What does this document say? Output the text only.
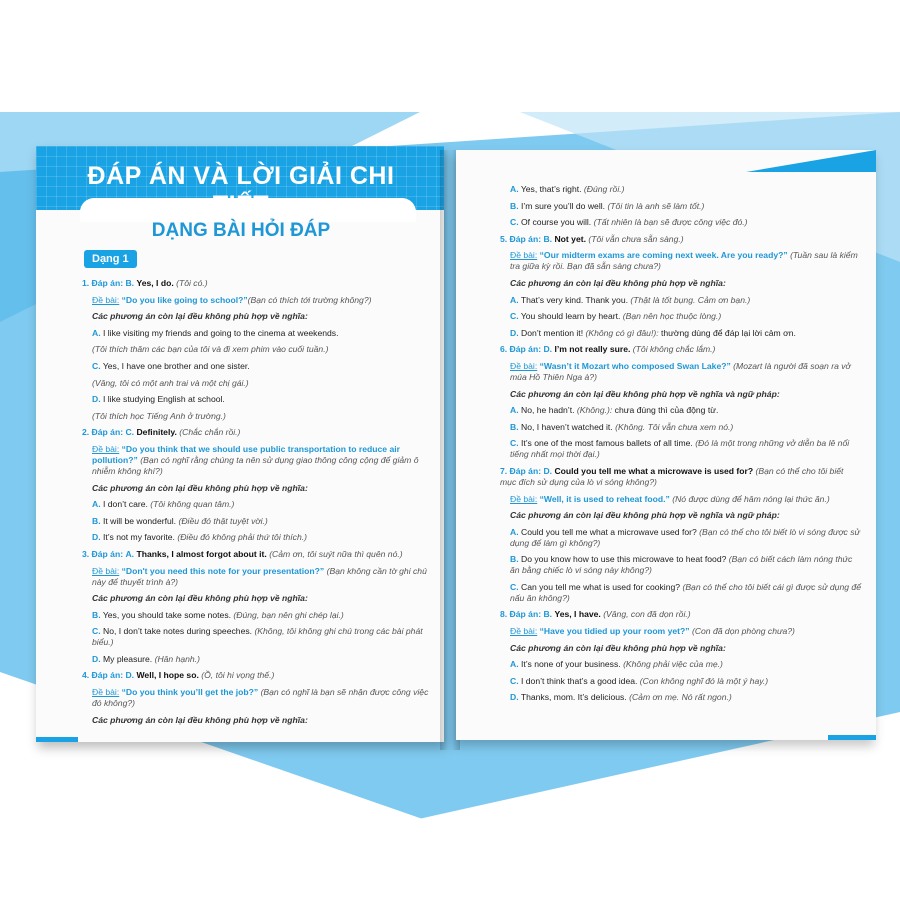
ĐÁP ÁN VÀ LỜI GIẢI CHI
DẠNG BÀI HỎI ĐÁP
Dạng 1
1. Đáp án: B. Yes, I do. (Tôi có.)
Đề bài: “Do you like going to school?”(Bạn có thích tới trường không?)
Các phương án còn lại đều không phù hợp về nghĩa:
A. I like visiting my friends and going to the cinema at weekends.
(Tôi thích thăm các bạn của tôi và đi xem phim vào cuối tuần.)
C. Yes, I have one brother and one sister.
(Vâng, tôi có một anh trai và một chị gái.)
D. I like studying English at school.
(Tôi thích học Tiếng Anh ở trường.)
2. Đáp án: C. Definitely. (Chắc chắn rồi.)
Đề bài: “Do you think that we should use public transportation to reduce air pollution?” (Bạn có nghĩ rằng chúng ta nên sử dụng giao thông công cộng để giảm ô nhiễm không khí?)
Các phương án còn lại đều không phù hợp về nghĩa:
A. I don’t care. (Tôi không quan tâm.)
B. It will be wonderful. (Điều đó thật tuyệt vời.)
D. It’s not my favorite. (Điều đó không phải thứ tôi thích.)
3. Đáp án: A. Thanks, I almost forgot about it. (Cảm ơn, tôi suýt nữa thì quên nó.)
Đề bài: “Don't you need this note for your presentation?” (Bạn không cần tờ ghi chú này để thuyết trình à?)
Các phương án còn lại đều không phù hợp về nghĩa:
B. Yes, you should take some notes. (Đúng, bạn nên ghi chép lại.)
C. No, I don’t take notes during speeches. (Không, tôi không ghi chú trong các bài phát biểu.)
D. My pleasure. (Hân hạnh.)
4. Đáp án: D. Well, I hope so. (Ồ, tôi hi vọng thế.)
Đề bài: “Do you think you’ll get the job?” (Bạn có nghĩ là bạn sẽ nhận được công việc đó không?)
Các phương án còn lại đều không phù hợp về nghĩa:
A. Yes, that’s right. (Đúng rồi.)
B. I’m sure you’ll do well. (Tôi tin là anh sẽ làm tốt.)
C. Of course you will. (Tất nhiên là bạn sẽ được công việc đó.)
5. Đáp án: B. Not yet. (Tôi vẫn chưa sẵn sàng.)
Đề bài: “Our midterm exams are coming next week. Are you ready?” (Tuần sau là kiểm tra giữa kỳ rồi. Bạn đã sẵn sàng chưa?)
Các phương án còn lại đều không phù hợp về nghĩa:
A. That’s very kind. Thank you. (Thật là tốt bụng. Cảm ơn bạn.)
C. You should learn by heart. (Bạn nên học thuộc lòng.)
D. Don’t mention it! (Không có gì đâu!): thường dùng để đáp lại lời cảm ơn.
6. Đáp án: D. I’m not really sure. (Tôi không chắc lắm.)
Đề bài: “Wasn’t it Mozart who composed Swan Lake?” (Mozart là người đã soạn ra vở múa Hồ Thiên Nga à?)
Các phương án còn lại đều không phù hợp về nghĩa và ngữ pháp:
A. No, he hadn’t. (Không.): chưa đúng thì của động từ.
B. No, I haven’t watched it. (Không. Tôi vẫn chưa xem nó.)
C. It’s one of the most famous ballets of all time. (Đó là một trong những vở diễn ba lê nổi tiếng nhất mọi thời đại.)
7. Đáp án: D. Could you tell me what a microwave is used for? (Bạn có thể cho tôi biết mục đích sử dụng của lò vi sóng không?)
Đề bài: “Well, it is used to reheat food.” (Nó được dùng để hâm nóng lại thức ăn.)
Các phương án còn lại đều không phù hợp về nghĩa và ngữ pháp:
A. Could you tell me what a microwave used for? (Bạn có thể cho tôi biết lò vi sóng được sử dụng để làm gì không?)
B. Do you know how to use this microwave to heat food? (Bạn có biết cách làm nóng thức ăn bằng chiếc lò vi sóng này không?)
C. Can you tell me what is used for cooking? (Bạn có thể cho tôi biết cái gì được sử dụng để nấu ăn không?)
8. Đáp án: B. Yes, I have. (Vâng, con đã dọn rồi.)
Đề bài: “Have you tidied up your room yet?” (Con đã dọn phòng chưa?)
Các phương án còn lại đều không phù hợp về nghĩa:
A. It’s none of your business. (Không phải việc của mẹ.)
C. I don’t think that’s a good idea. (Con không nghĩ đó là một ý hay.)
D. Thanks, mom. It’s delicious. (Cảm ơn mẹ. Nó rất ngon.)
